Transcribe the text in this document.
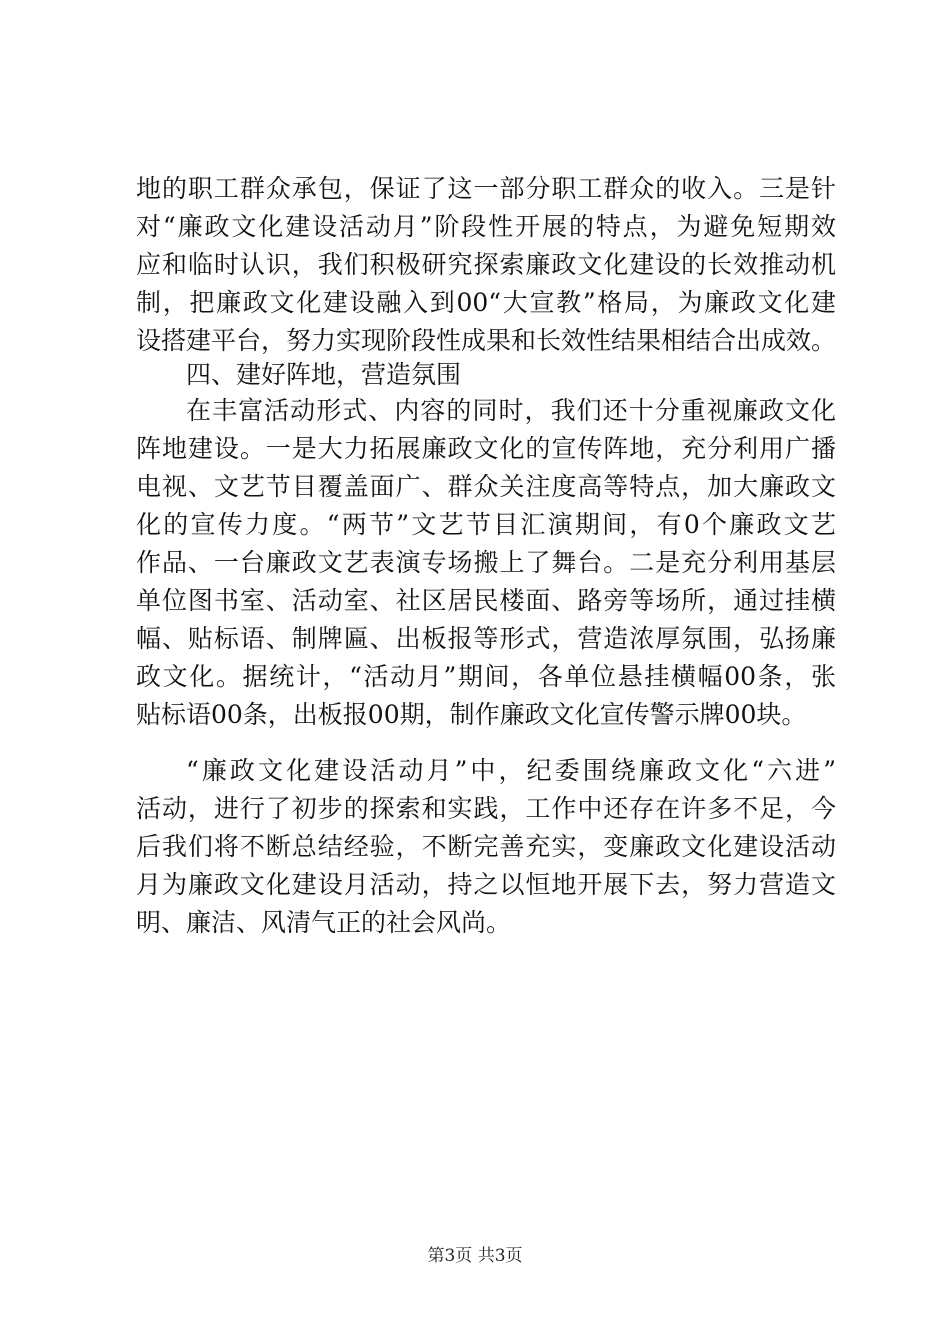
地的职工群众承包，保证了这一部分职工群众的收入。三是针
对“廉政文化建设活动月”阶段性开展的特点，为避免短期效
应和临时认识，我们积极研究探索廉政文化建设的长效推动机
制，把廉政文化建设融入到00“大宣教”格局，为廉政文化建
设搭建平台，努力实现阶段性成果和长效性结果相结合出成效。
四、建好阵地，营造氛围
在丰富活动形式、内容的同时，我们还十分重视廉政文化
阵地建设。一是大力拓展廉政文化的宣传阵地，充分利用广播
电视、文艺节目覆盖面广、群众关注度高等特点，加大廉政文
化的宣传力度。“两节”文艺节目汇演期间，有0个廉政文艺
作品、一台廉政文艺表演专场搬上了舞台。二是充分利用基层
单位图书室、活动室、社区居民楼面、路旁等场所，通过挂横
幅、贴标语、制牌匾、出板报等形式，营造浓厚氛围，弘扬廉
政文化。据统计，“活动月”期间，各单位悬挂横幅00条，张
贴标语00条，出板报00期，制作廉政文化宣传警示牌00块。
“廉政文化建设活动月”中，纪委围绕廉政文化“六进”
活动，进行了初步的探索和实践，工作中还存在许多不足，今
后我们将不断总结经验，不断完善充实，变廉政文化建设活动
月为廉政文化建设月活动，持之以恒地开展下去，努力营造文
明、廉洁、风清气正的社会风尚。
第3页 共3页
